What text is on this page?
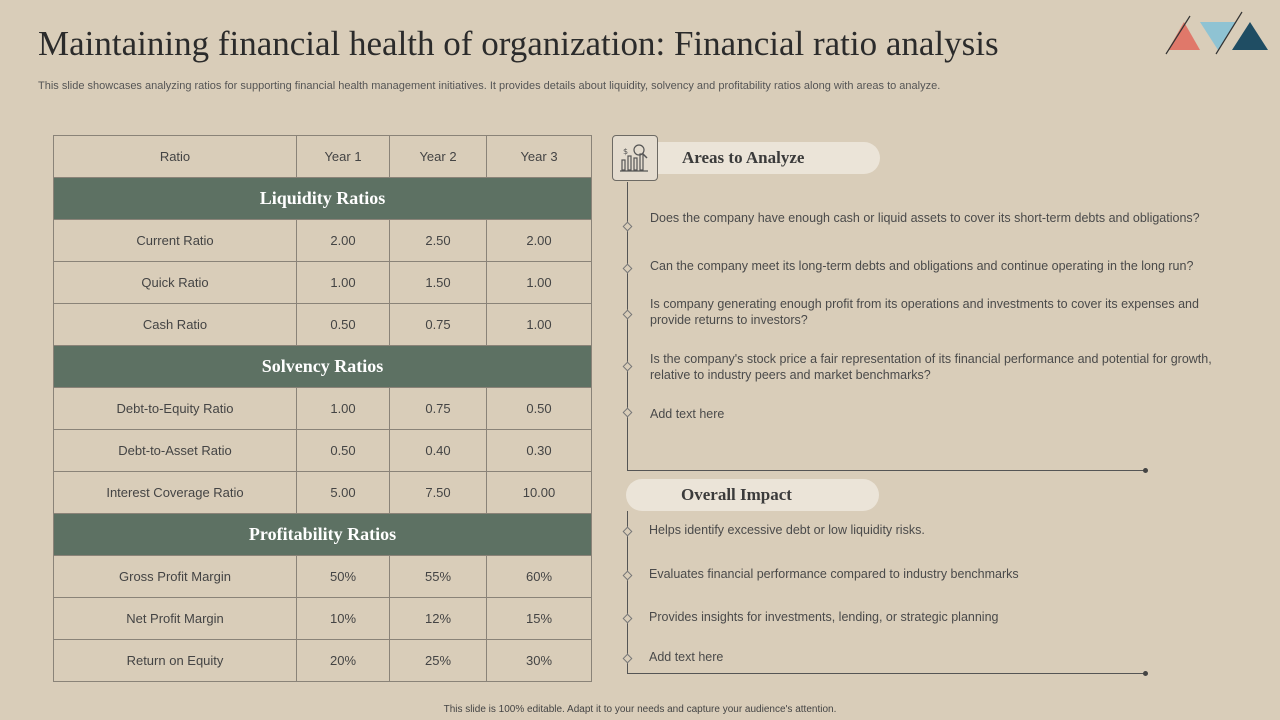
Maintaining financial health of organization: Financial ratio analysis
This slide showcases analyzing ratios for supporting financial health management initiatives. It provides details about liquidity, solvency and profitability ratios along with areas to analyze.
Ratio	Year 1	Year 2	Year 3
Liquidity Ratios			
Current Ratio	2.00	2.50	2.00
Quick Ratio	1.00	1.50	1.00
Cash Ratio	0.50	0.75	1.00
Solvency Ratios			
Debt-to-Equity Ratio	1.00	0.75	0.50
Debt-to-Asset Ratio	0.50	0.40	0.30
Interest Coverage Ratio	5.00	7.50	10.00
Profitability Ratios			
Gross Profit Margin	50%	55%	60%
Net Profit Margin	10%	12%	15%
Return on Equity	20%	25%	30%
Areas to Analyze
$
Does the company have enough cash or liquid assets to cover its short-term debts and obligations?
Can the company meet its long-term debts and obligations and continue operating in the long run?
Is company generating enough profit from its operations and investments to cover its expenses and provide returns to investors?
Is the company's stock price a fair representation of its financial performance and potential for growth, relative to industry peers and market benchmarks?
Add text here
Overall Impact
Helps identify excessive debt or low liquidity risks.
Evaluates financial performance compared to industry benchmarks
Provides insights for investments, lending, or strategic planning
Add text here
This slide is 100% editable. Adapt it to your needs and capture your audience's attention.
